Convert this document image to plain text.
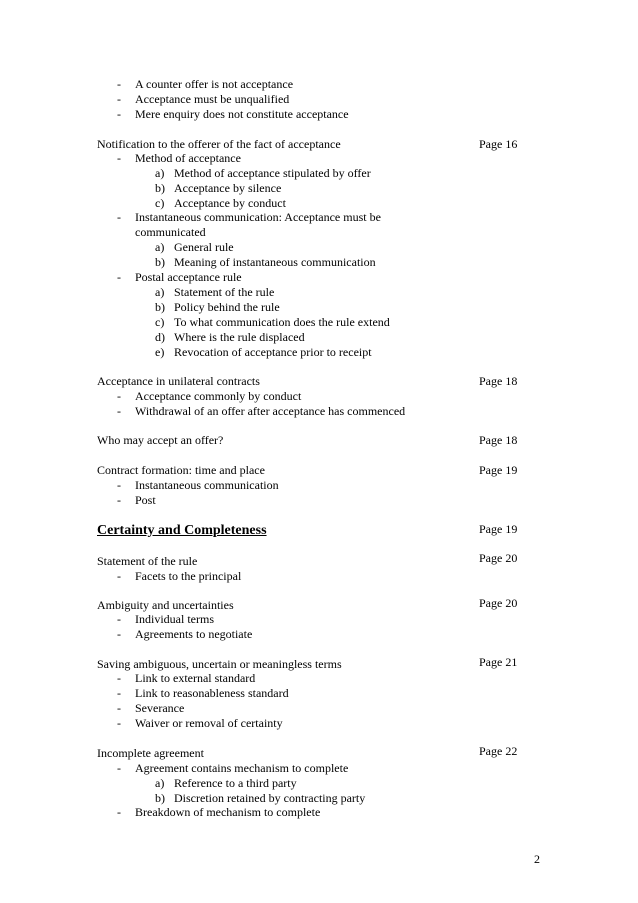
- A counter offer is not acceptance
- Acceptance must be unqualified
- Mere enquiry does not constitute acceptance
Notification to the offerer of the fact of acceptance	Page 16
- Method of acceptance
a) Method of acceptance stipulated by offer
b) Acceptance by silence
c) Acceptance by conduct
- Instantaneous communication: Acceptance must be
communicated
a) General rule
b) Meaning of instantaneous communication
- Postal acceptance rule
a) Statement of the rule
b) Policy behind the rule
c) To what communication does the rule extend
d) Where is the rule displaced
e) Revocation of acceptance prior to receipt
Acceptance in unilateral contracts	Page 18
- Acceptance commonly by conduct
- Withdrawal of an offer after acceptance has commenced
Who may accept an offer?	Page 18
Contract formation: time and place	Page 19
- Instantaneous communication
- Post
Certainty and Completeness	Page 19
Statement of the rule	Page 20
- Facets to the principal
Ambiguity and uncertainties	Page 20
- Individual terms
- Agreements to negotiate
Saving ambiguous, uncertain or meaningless terms	Page 21
- Link to external standard
- Link to reasonableness standard
- Severance
- Waiver or removal of certainty
Incomplete agreement	Page 22
- Agreement contains mechanism to complete
a) Reference to a third party
b) Discretion retained by contracting party
- Breakdown of mechanism to complete
2
